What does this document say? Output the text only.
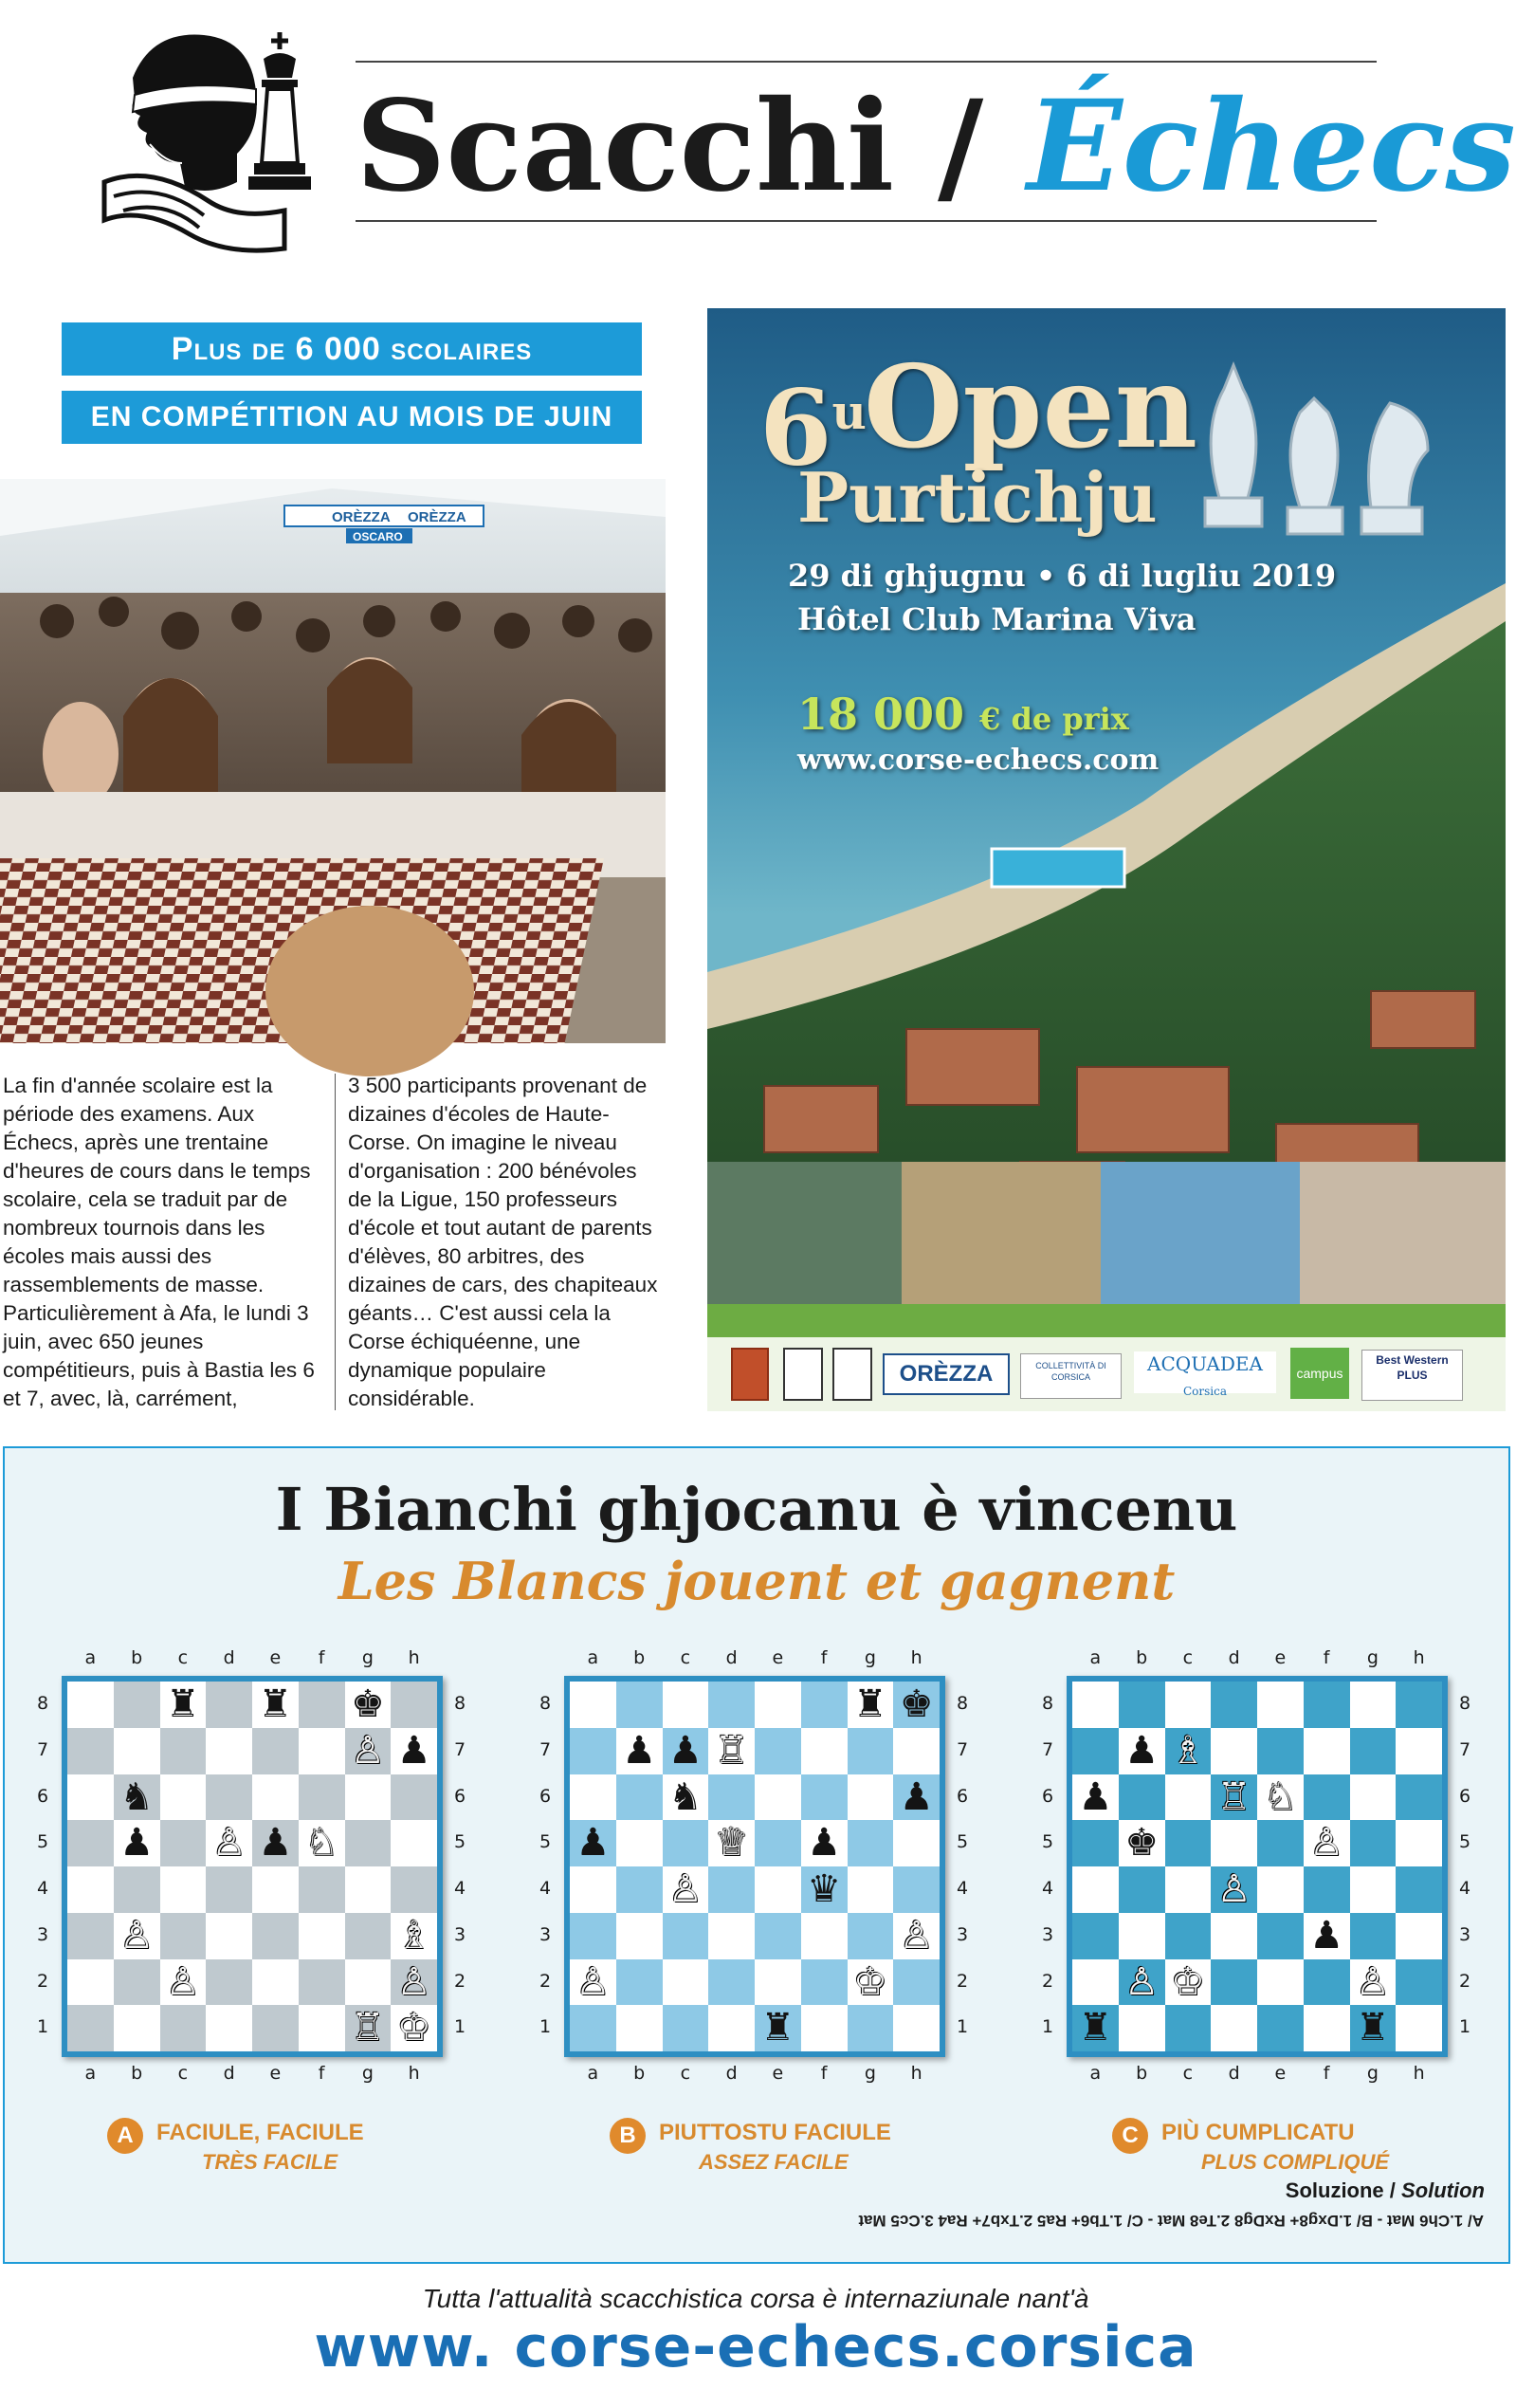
Scacchi / Échecs
Plus de 6 000 scolaires
EN COMPÉTITION AU MOIS DE JUIN
ORÈZZA ORÈZZA
OSCARO
La fin d'année scolaire est la période des examens. Aux Échecs, après une trentaine d'heures de cours dans le temps scolaire, cela se traduit par de nombreux tournois dans les écoles mais aussi des rassemblements de masse. Particulièrement à Afa, le lundi 3 juin, avec 650 jeunes compétitieurs, puis à Bastia les 6 et 7, avec, là, carrément,
3 500 participants provenant de dizaines d'écoles de Haute-Corse. On imagine le niveau d'organisation : 200 bénévoles de la Ligue, 150 professeurs d'école et tout autant de parents d'élèves, 80 arbitres, des dizaines de cars, des chapiteaux géants… C'est aussi cela la Corse échiquéenne, une dynamique populaire considérable.
6$^u$
Open
Purtichju
29 di ghjugnu • 6 di lugliu 2019
Hôtel Club Marina Viva
18 000 € de prix
www.corse-echecs.com
ORÈZZA	COLLETTIVITÀ DI CORSICA
ACQUADEA
Corsica
campus plex
Best Western PLUS
I Bianchi ghjocanu è vincenu
Les Blancs jouent et gagnent
a
a
b
b
c
c
d
d
e
e
f
f
g
g
h
h
8	8
7	7
6	6
5	5
4	4
3	3
2	2
1	1
♜ ♜ ♚
♙ ♟
♞
♟ ♙ ♟ ♘
♙	♗
♙	♙
♖ ♔
A	FACIULE, FACIULE
TRÈS FACILE
a
a
b
b
c
c
d
d
e
e
f
f
g
g
h
h
8	8
7	7
6	6
5	5
4	4
3	3
2	2
1	1
♜ ♚
♟ ♟ ♖
♞	♟
♟	♕ ♟
♙	♛
♙
♙	♔
♜
B	PIUTTOSTU FACIULE
ASSEZ FACILE
a
a
b
b
c
c
d
d
e
e
f
f
g
g
h
h
8	8
7	7
6	6
5	5
4	4
3	3
2	2
1	1
♟ ♗
♟	♖ ♘
♚	♙
♙
♟
♙ ♔	♙
♜	♜
C	PIÙ CUMPLICATU
PLUS COMPLIQUÉ
Soluzione / Solution
A/ 1.Ch6 Mat - B/ 1.Dxg8+ RxDg8 2.Te8 Mat - C/ 1.Tb6+ Ra5 2.Txb7+ Ra4 3.Cc5 Mat
Tutta l'attualità scacchistica corsa è internaziunale nant'à
www. corse-echecs.corsica
